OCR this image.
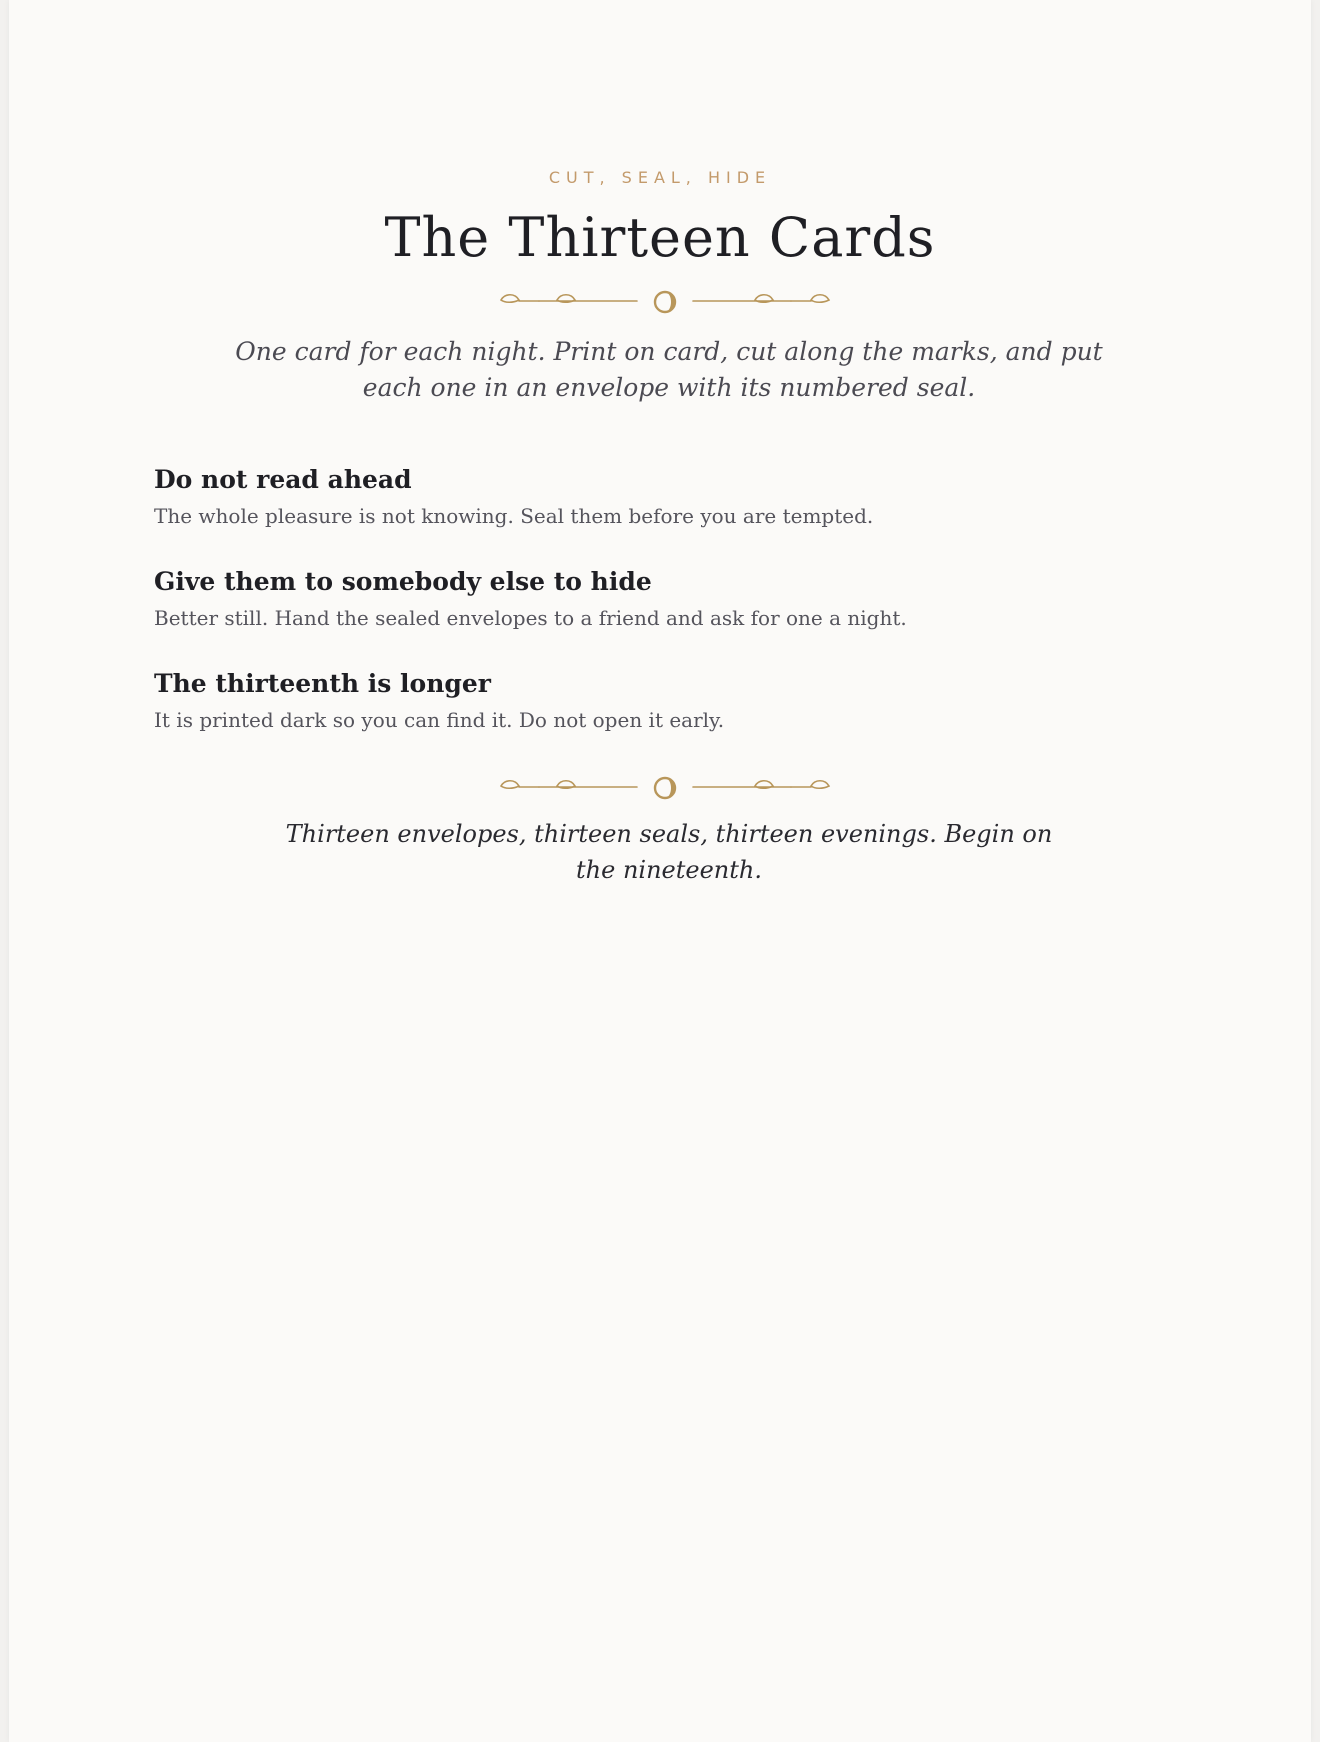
CUT, SEAL, HIDE
The Thirteen Cards

One card for each night. Print on card, cut along the marks, and put each one in an envelope with its numbered seal.

Do not read ahead

The whole pleasure is not knowing. Seal them before you are tempted.

Give them to somebody else to hide

Better still. Hand the sealed envelopes to a friend and ask for one a night.

The thirteenth is longer

It is printed dark so you can find it. Do not open it early.

Thirteen envelopes, thirteen seals, thirteen evenings. Begin on the nineteenth.
